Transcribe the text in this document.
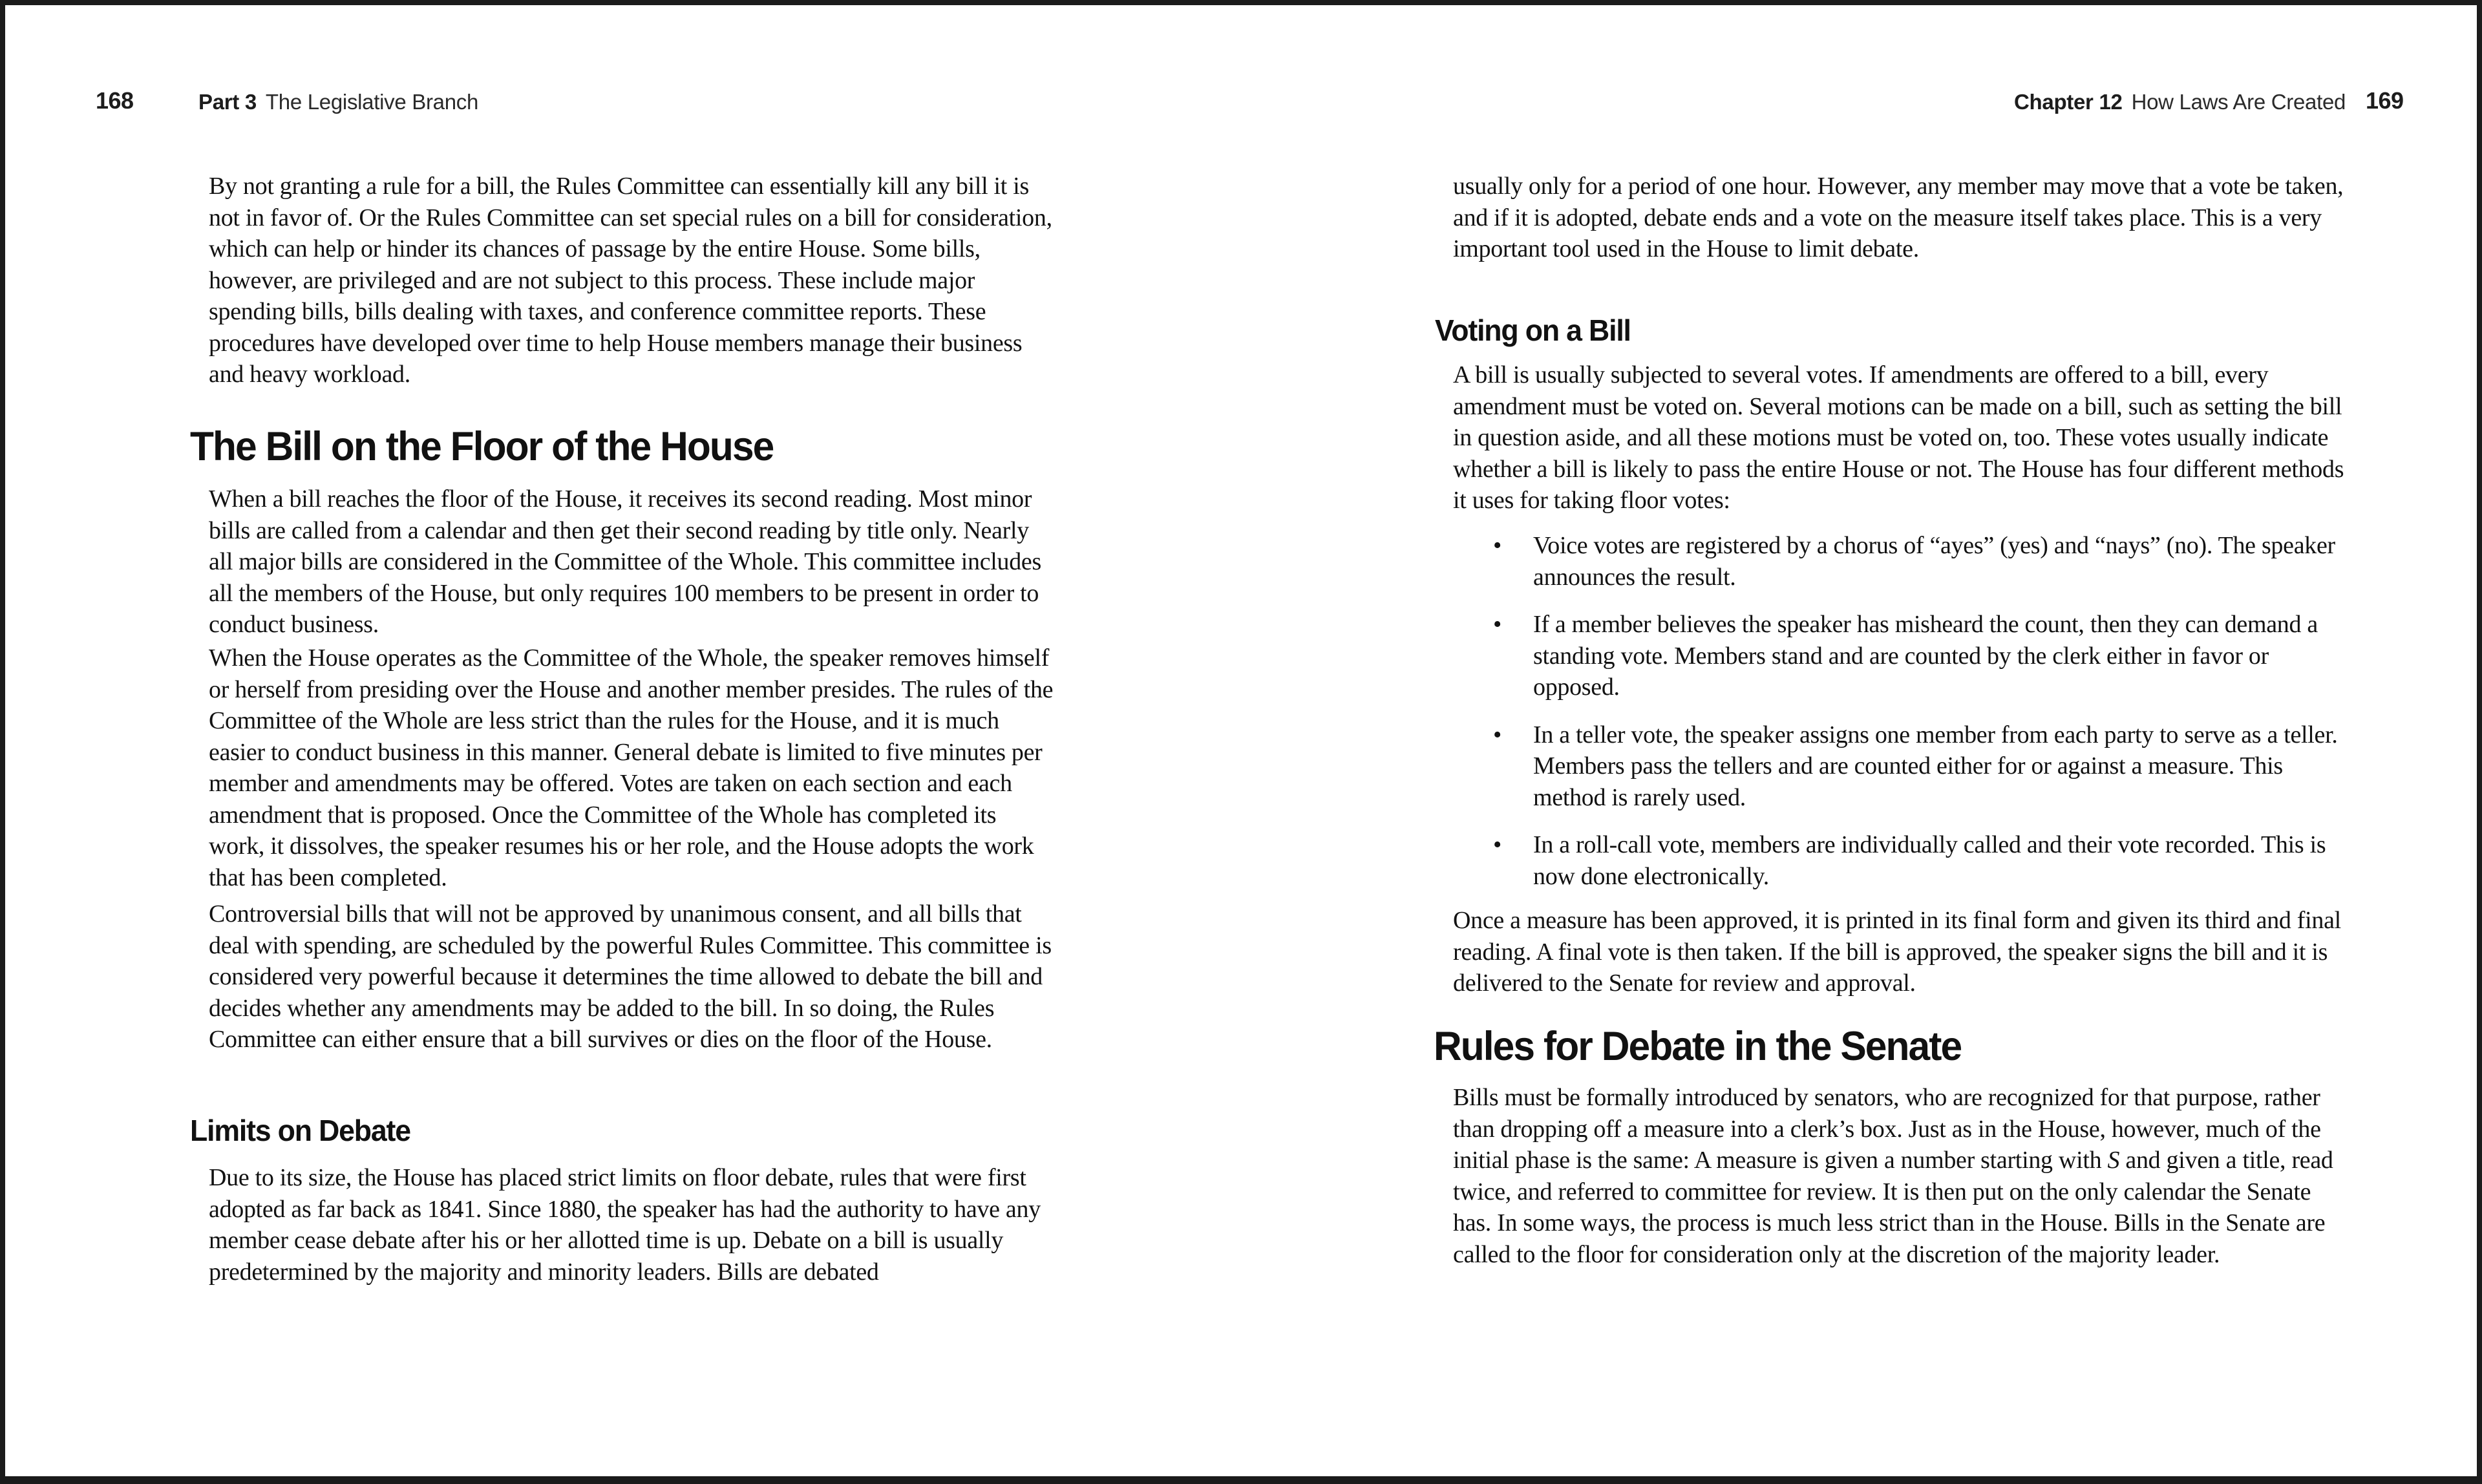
168	Part 3 The Legislative Branch
By not granting a rule for a bill, the Rules Committee can essentially kill any bill it is not in favor of. Or the Rules Committee can set special rules on a bill for consideration, which can help or hinder its chances of passage by the entire House. Some bills, however, are privileged and are not subject to this process. These include major spending bills, bills dealing with taxes, and conference committee reports. These procedures have developed over time to help House members manage their business and heavy workload.
The Bill on the Floor of the House
When a bill reaches the floor of the House, it receives its second reading. Most minor bills are called from a calendar and then get their second reading by title only. Nearly all major bills are considered in the Committee of the Whole. This committee includes all the members of the House, but only requires 100 members to be present in order to conduct business.
When the House operates as the Committee of the Whole, the speaker removes himself or herself from presiding over the House and another member presides. The rules of the Committee of the Whole are less strict than the rules for the House, and it is much easier to conduct business in this manner. General debate is limited to five minutes per member and amendments may be offered. Votes are taken on each section and each amendment that is proposed. Once the Committee of the Whole has completed its work, it dissolves, the speaker resumes his or her role, and the House adopts the work that has been completed.
Controversial bills that will not be approved by unanimous consent, and all bills that deal with spending, are scheduled by the powerful Rules Committee. This committee is considered very powerful because it determines the time allowed to debate the bill and decides whether any amendments may be added to the bill. In so doing, the Rules Committee can either ensure that a bill survives or dies on the floor of the House.
Limits on Debate
Due to its size, the House has placed strict limits on floor debate, rules that were first adopted as far back as 1841. Since 1880, the speaker has had the authority to have any member cease debate after his or her allotted time is up. Debate on a bill is usually predetermined by the majority and minority leaders. Bills are debated
Chapter 12 How Laws Are Created 169
usually only for a period of one hour. However, any member may move that a vote be taken, and if it is adopted, debate ends and a vote on the measure itself takes place. This is a very important tool used in the House to limit debate.
Voting on a Bill
A bill is usually subjected to several votes. If amendments are offered to a bill, every amendment must be voted on. Several motions can be made on a bill, such as setting the bill in question aside, and all these motions must be voted on, too. These votes usually indicate whether a bill is likely to pass the entire House or not. The House has four different methods it uses for taking floor votes:
• Voice votes are registered by a chorus of “ayes” (yes) and “nays” (no). The speaker announces the result.
• If a member believes the speaker has misheard the count, then they can demand a standing vote. Members stand and are counted by the clerk either in favor or opposed.
• In a teller vote, the speaker assigns one member from each party to serve as a teller. Members pass the tellers and are counted either for or against a measure. This method is rarely used.
• In a roll-call vote, members are individually called and their vote recorded. This is now done electronically.
Once a measure has been approved, it is printed in its final form and given its third and final reading. A final vote is then taken. If the bill is approved, the speaker signs the bill and it is delivered to the Senate for review and approval.
Rules for Debate in the Senate
Bills must be formally introduced by senators, who are recognized for that purpose, rather than dropping off a measure into a clerk’s box. Just as in the House, however, much of the initial phase is the same: A measure is given a number starting with S and given a title, read twice, and referred to committee for review. It is then put on the only calendar the Senate has. In some ways, the process is much less strict than in the House. Bills in the Senate are called to the floor for consideration only at the discretion of the majority leader.
